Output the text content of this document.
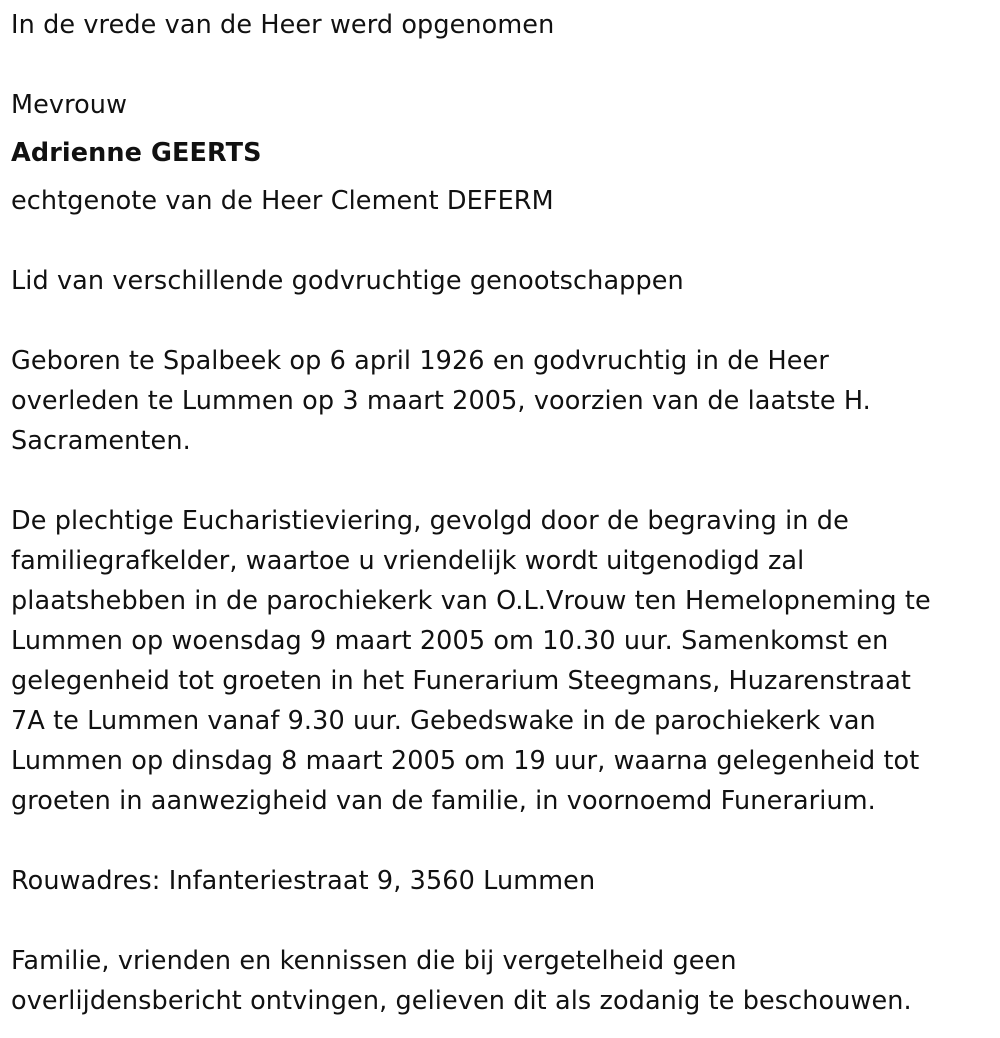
In de vrede van de Heer werd opgenomen
Mevrouw
Adrienne GEERTS
echtgenote van de Heer Clement DEFERM
Lid van verschillende godvruchtige genootschappen
Geboren te Spalbeek op 6 april 1926 en godvruchtig in de Heer
overleden te Lummen op 3 maart 2005, voorzien van de laatste H.
Sacramenten.
De plechtige Eucharistieviering, gevolgd door de begraving in de
familiegrafkelder, waartoe u vriendelijk wordt uitgenodigd zal
plaatshebben in de parochiekerk van O.L.Vrouw ten Hemelopneming te
Lummen op woensdag 9 maart 2005 om 10.30 uur. Samenkomst en
gelegenheid tot groeten in het Funerarium Steegmans, Huzarenstraat
7A te Lummen vanaf 9.30 uur. Gebedswake in de parochiekerk van
Lummen op dinsdag 8 maart 2005 om 19 uur, waarna gelegenheid tot
groeten in aanwezigheid van de familie, in voornoemd Funerarium.
Rouwadres: Infanteriestraat 9, 3560 Lummen
Familie, vrienden en kennissen die bij vergetelheid geen
overlijdensbericht ontvingen, gelieven dit als zodanig te beschouwen.
